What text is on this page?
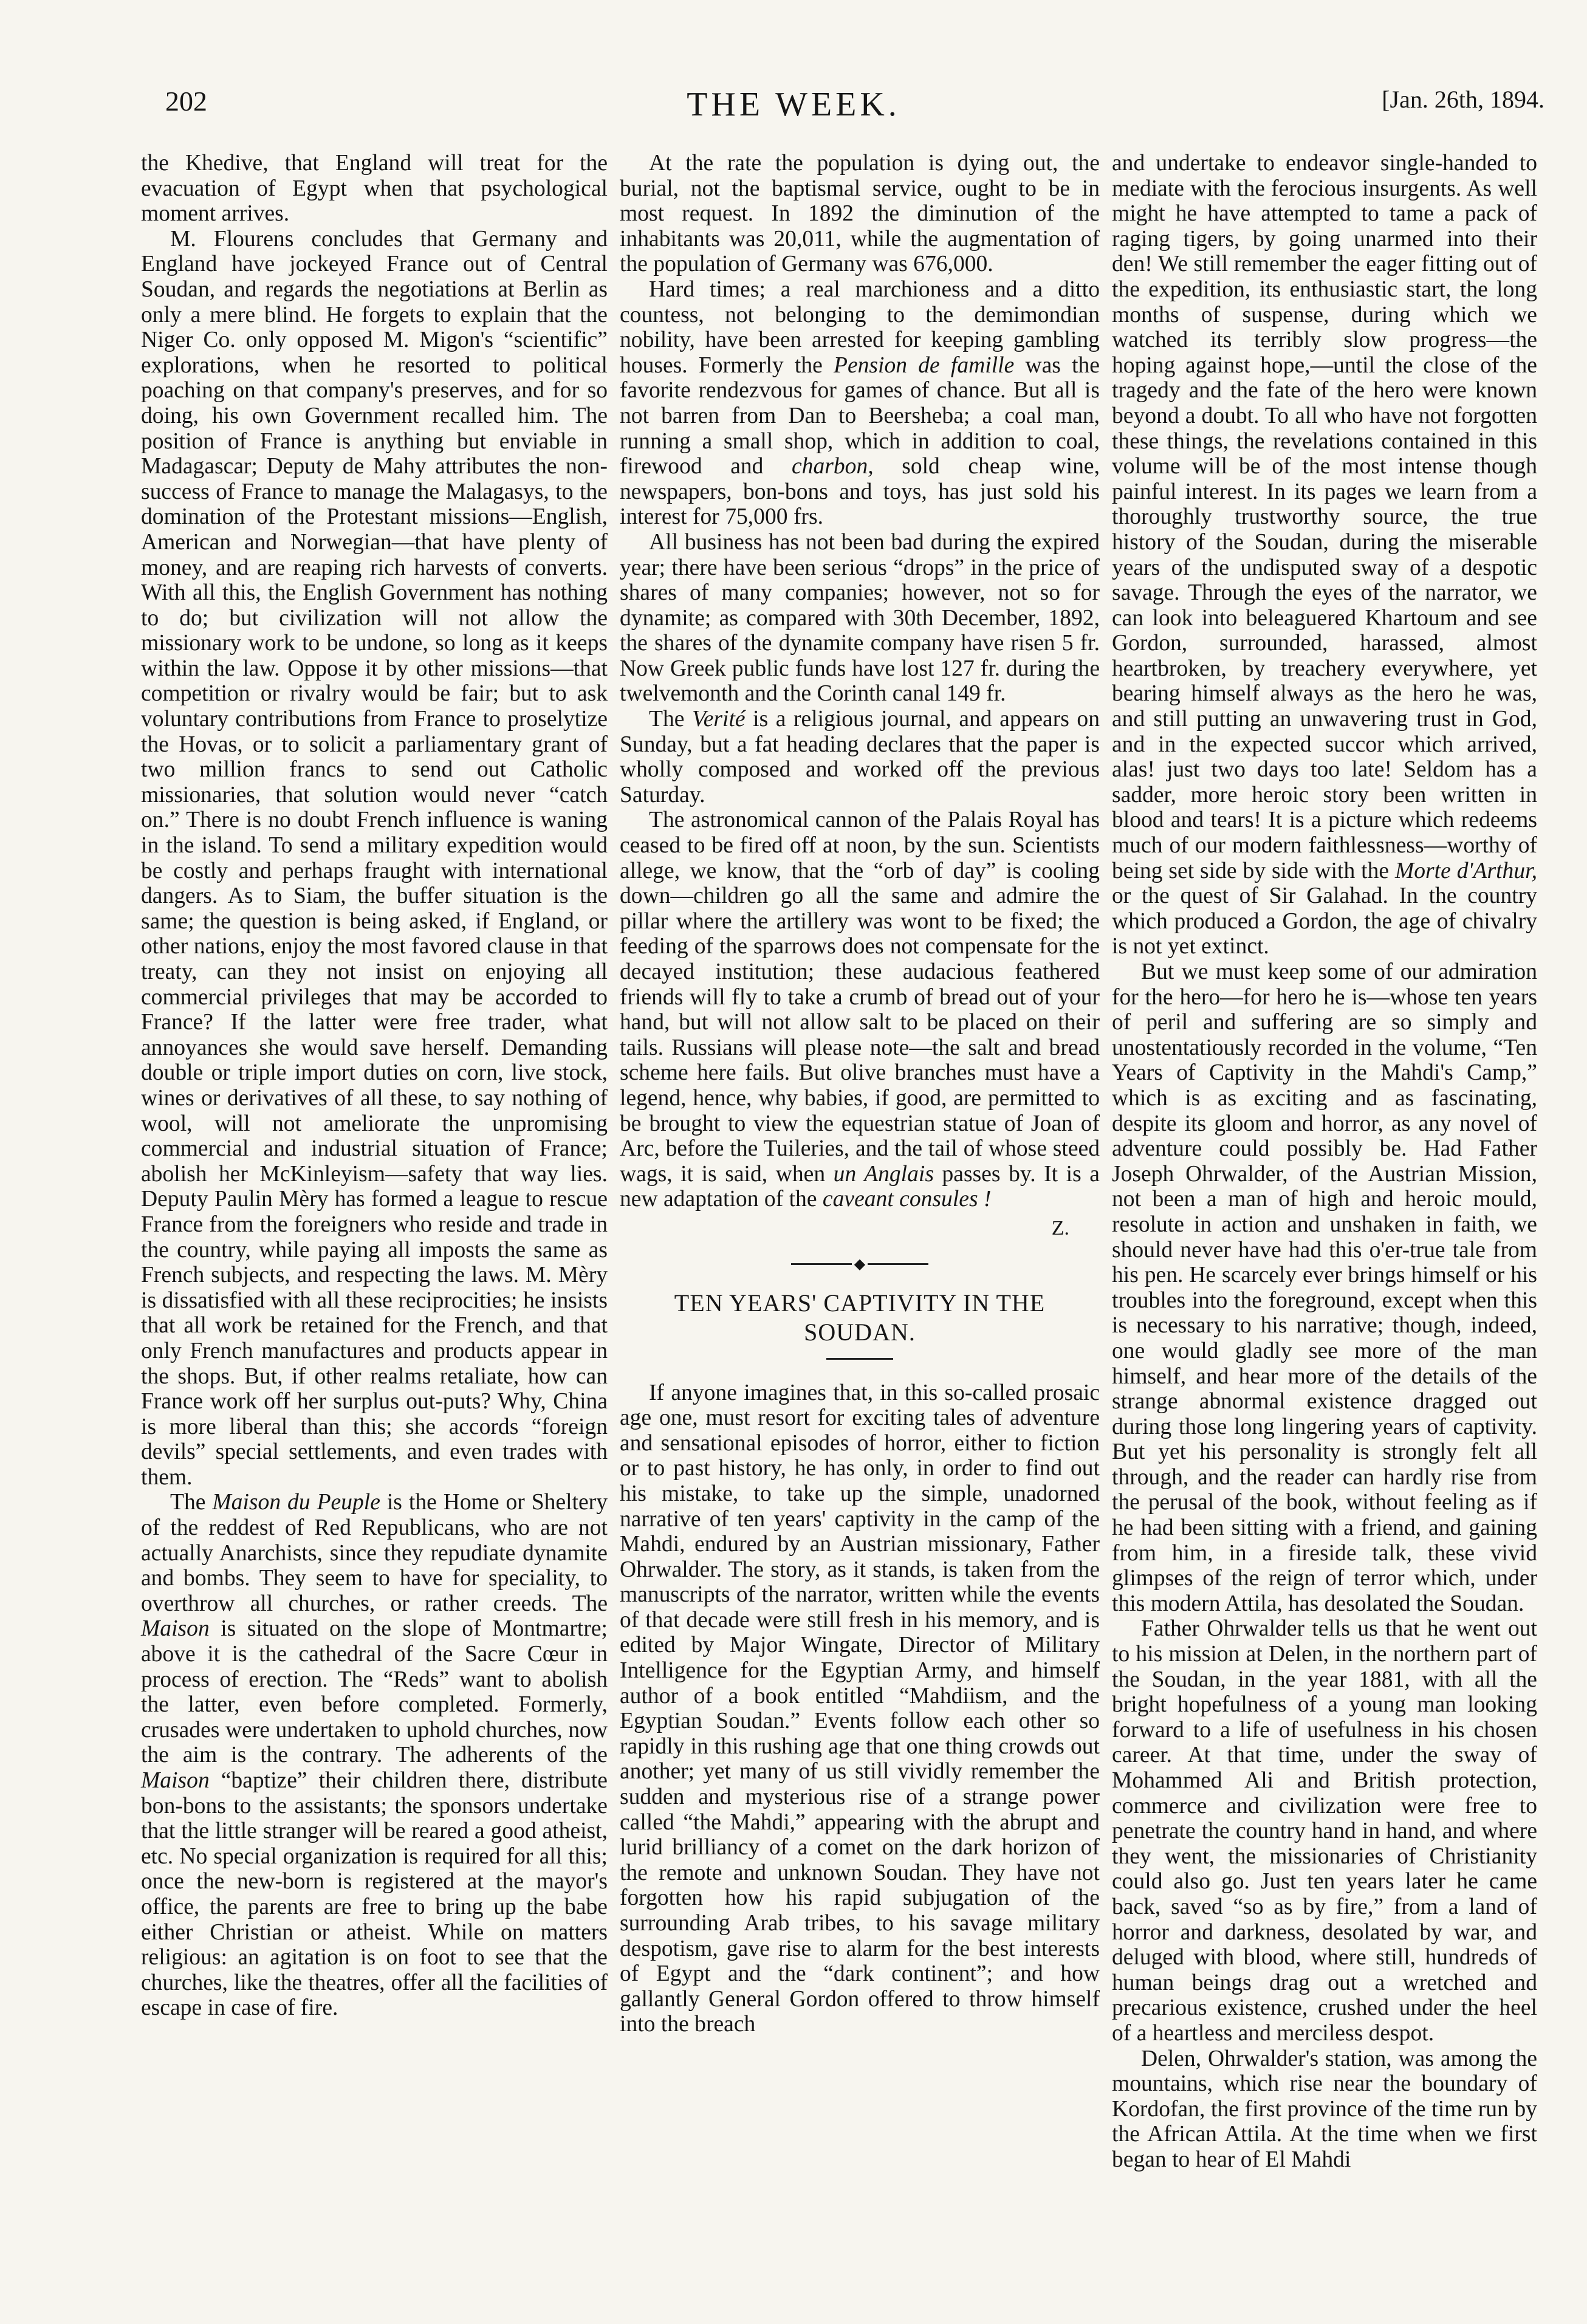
202	THE WEEK.	[Jan. 26th, 1894.

the Khedive, that England will treat for the evacuation of Egypt when that psychological moment arrives.

M. Flourens concludes that Germany and England have jockeyed France out of Central Soudan, and regards the negotiations at Berlin as only a mere blind. He forgets to explain that the Niger Co. only opposed M. Migon's “scientific” explorations, when he resorted to political poaching on that company's preserves, and for so doing, his own Government recalled him. The position of France is anything but enviable in Madagascar; Deputy de Mahy attributes the non-success of France to manage the Malagasys, to the domination of the Protestant missions—English, American and Norwegian—that have plenty of money, and are reaping rich harvests of converts. With all this, the English Government has nothing to do; but civilization will not allow the missionary work to be undone, so long as it keeps within the law. Oppose it by other missions—that competition or rivalry would be fair; but to ask voluntary contributions from France to proselytize the Hovas, or to solicit a parliamentary grant of two million francs to send out Catholic missionaries, that solution would never “catch on.” There is no doubt French influence is waning in the island. To send a military expedition would be costly and perhaps fraught with international dangers. As to Siam, the buffer situation is the same; the question is being asked, if England, or other nations, enjoy the most favored clause in that treaty, can they not insist on enjoying all commercial privileges that may be accorded to France? If the latter were free trader, what annoyances she would save herself. Demanding double or triple import duties on corn, live stock, wines or derivatives of all these, to say nothing of wool, will not ameliorate the unpromising commercial and industrial situation of France; abolish her McKinleyism—safety that way lies. Deputy Paulin Mèry has formed a league to rescue France from the foreigners who reside and trade in the country, while paying all imposts the same as French subjects, and respecting the laws. M. Mèry is dissatisfied with all these reciprocities; he insists that all work be retained for the French, and that only French manufactures and products appear in the shops. But, if other realms retaliate, how can France work off her surplus out-puts? Why, China is more liberal than this; she accords “foreign devils” special settlements, and even trades with them.

The Maison du Peuple is the Home or Sheltery of the reddest of Red Republicans, who are not actually Anarchists, since they repudiate dynamite and bombs. They seem to have for speciality, to overthrow all churches, or rather creeds. The Maison is situated on the slope of Montmartre; above it is the cathedral of the Sacre Cœur in process of erection. The “Reds” want to abolish the latter, even before completed. Formerly, crusades were undertaken to uphold churches, now the aim is the contrary. The adherents of the Maison “baptize” their children there, distribute bon-bons to the assistants; the sponsors undertake that the little stranger will be reared a good atheist, etc. No special organization is required for all this; once the new-born is registered at the mayor's office, the parents are free to bring up the babe either Christian or atheist. While on matters religious: an agitation is on foot to see that the churches, like the theatres, offer all the facilities of escape in case of fire.

At the rate the population is dying out, the burial, not the baptismal service, ought to be in most request. In 1892 the diminution of the inhabitants was 20,011, while the augmentation of the population of Germany was 676,000.

Hard times; a real marchioness and a ditto countess, not belonging to the demimondian nobility, have been arrested for keeping gambling houses. Formerly the Pension de famille was the favorite rendezvous for games of chance. But all is not barren from Dan to Beersheba; a coal man, running a small shop, which in addition to coal, firewood and charbon, sold cheap wine, newspapers, bon-bons and toys, has just sold his interest for 75,000 frs.

All business has not been bad during the expired year; there have been serious “drops” in the price of shares of many companies; however, not so for dynamite; as compared with 30th December, 1892, the shares of the dynamite company have risen 5 fr. Now Greek public funds have lost 127 fr. during the twelvemonth and the Corinth canal 149 fr.

The Verité is a religious journal, and appears on Sunday, but a fat heading declares that the paper is wholly composed and worked off the previous Saturday.

The astronomical cannon of the Palais Royal has ceased to be fired off at noon, by the sun. Scientists allege, we know, that the “orb of day” is cooling down—children go all the same and admire the pillar where the artillery was wont to be fixed; the feeding of the sparrows does not compensate for the decayed institution; these audacious feathered friends will fly to take a crumb of bread out of your hand, but will not allow salt to be placed on their tails. Russians will please note—the salt and bread scheme here fails. But olive branches must have a legend, hence, why babies, if good, are permitted to be brought to view the equestrian statue of Joan of Arc, before the Tuileries, and the tail of whose steed wags, it is said, when un Anglais passes by. It is a new adaptation of the caveant consules !

Z.
◆
TEN YEARS' CAPTIVITY IN THE SOUDAN.

If anyone imagines that, in this so-called prosaic age one, must resort for exciting tales of adventure and sensational episodes of horror, either to fiction or to past history, he has only, in order to find out his mistake, to take up the simple, unadorned narrative of ten years' captivity in the camp of the Mahdi, endured by an Austrian missionary, Father Ohrwalder. The story, as it stands, is taken from the manuscripts of the narrator, written while the events of that decade were still fresh in his memory, and is edited by Major Wingate, Director of Military Intelligence for the Egyptian Army, and himself author of a book entitled “Mahdiism, and the Egyptian Soudan.” Events follow each other so rapidly in this rushing age that one thing crowds out another; yet many of us still vividly remember the sudden and mysterious rise of a strange power called “the Mahdi,” appearing with the abrupt and lurid brilliancy of a comet on the dark horizon of the remote and unknown Soudan. They have not forgotten how his rapid subjugation of the surrounding Arab tribes, to his savage military despotism, gave rise to alarm for the best interests of Egypt and the “dark continent”; and how gallantly General Gordon offered to throw himself into the breach

and undertake to endeavor single-handed to mediate with the ferocious insurgents. As well might he have attempted to tame a pack of raging tigers, by going unarmed into their den! We still remember the eager fitting out of the expedition, its enthusiastic start, the long months of suspense, during which we watched its terribly slow progress—the hoping against hope,—until the close of the tragedy and the fate of the hero were known beyond a doubt. To all who have not forgotten these things, the revelations contained in this volume will be of the most intense though painful interest. In its pages we learn from a thoroughly trustworthy source, the true history of the Soudan, during the miserable years of the undisputed sway of a despotic savage. Through the eyes of the narrator, we can look into beleaguered Khartoum and see Gordon, surrounded, harassed, almost heartbroken, by treachery everywhere, yet bearing himself always as the hero he was, and still putting an unwavering trust in God, and in the expected succor which arrived, alas! just two days too late! Seldom has a sadder, more heroic story been written in blood and tears! It is a picture which redeems much of our modern faithlessness—worthy of being set side by side with the Morte d'Arthur, or the quest of Sir Galahad. In the country which produced a Gordon, the age of chivalry is not yet extinct.

But we must keep some of our admiration for the hero—for hero he is—whose ten years of peril and suffering are so simply and unostentatiously recorded in the volume, “Ten Years of Captivity in the Mahdi's Camp,” which is as exciting and as fascinating, despite its gloom and horror, as any novel of adventure could possibly be. Had Father Joseph Ohrwalder, of the Austrian Mission, not been a man of high and heroic mould, resolute in action and unshaken in faith, we should never have had this o'er-true tale from his pen. He scarcely ever brings himself or his troubles into the foreground, except when this is necessary to his narrative; though, indeed, one would gladly see more of the man himself, and hear more of the details of the strange abnormal existence dragged out during those long lingering years of captivity. But yet his personality is strongly felt all through, and the reader can hardly rise from the perusal of the book, without feeling as if he had been sitting with a friend, and gaining from him, in a fireside talk, these vivid glimpses of the reign of terror which, under this modern Attila, has desolated the Soudan.

Father Ohrwalder tells us that he went out to his mission at Delen, in the northern part of the Soudan, in the year 1881, with all the bright hopefulness of a young man looking forward to a life of usefulness in his chosen career. At that time, under the sway of Mohammed Ali and British protection, commerce and civilization were free to penetrate the country hand in hand, and where they went, the missionaries of Christianity could also go. Just ten years later he came back, saved “so as by fire,” from a land of horror and darkness, desolated by war, and deluged with blood, where still, hundreds of human beings drag out a wretched and precarious existence, crushed under the heel of a heartless and merciless despot.

Delen, Ohrwalder's station, was among the mountains, which rise near the boundary of Kordofan, the first province of the time run by the African Attila. At the time when we first began to hear of El Mahdi
